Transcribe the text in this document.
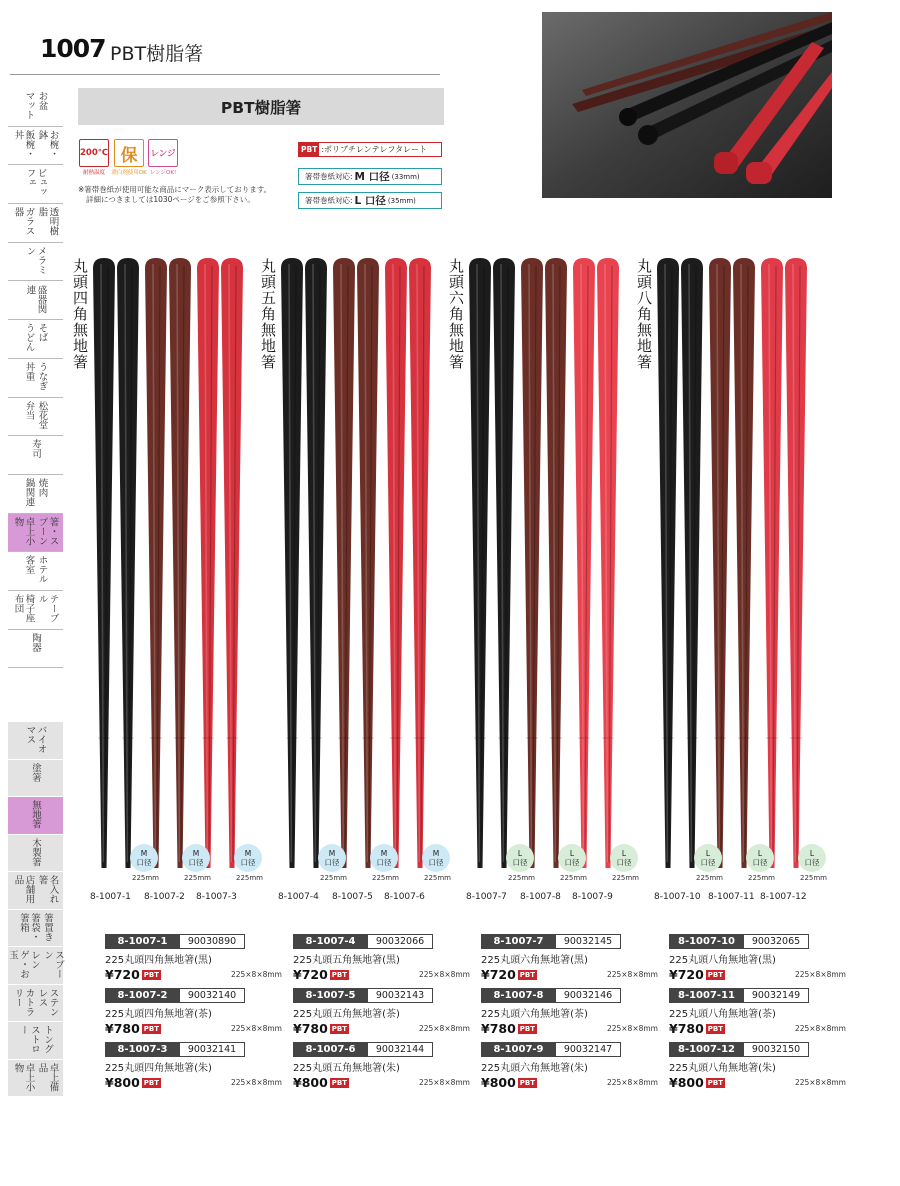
1007 PBT樹脂箸
お盆
マット
お椀・鉢
飯椀・丼
ビュッフェ
透明樹脂
ガラス器
メラミン
盛器関連
そば
うどん
うなぎ
丼重
松花堂
弁当
寿司
焼肉
鍋関連
箸・スプーン
卓上小物
ホテル
客室
テーブル
椅子座布団
陶器
バイオマス
塗箸
無地箸
木製箸
名入れ箸
店舗用品
箸置き
箸袋・箸箱
スプーン
レンゲ・お玉
ステンレス
カトラリー
トング
ストロー
卓上備品
卓上小物
PBT樹脂箸
200℃
耐熱温度
保
漂白剤使用OK
レンジ
レンジOK!
※箸帯巻紙が使用可能な商品にマーク表示しております。
詳細につきましては1030ページをご参照下さい。
PBT :ポリブチレンテレフタレート
箸帯巻紙対応: M 口径 (33mm)
箸帯巻紙対応: L 口径 (35mm)
丸頭四角無地箸	丸頭五角無地箸	丸頭六角無地箸	丸頭八角無地箸
M
口径
225mm
8-1007-1
M
口径
225mm
8-1007-2
M
口径
225mm
8-1007-3
M
口径
225mm
8-1007-4
M
口径
225mm
8-1007-5
M
口径
225mm
8-1007-6
L
口径
225mm
8-1007-7
L
口径
225mm
8-1007-8
L
口径
225mm
8-1007-9
L
口径
225mm
8-1007-10
L
口径
225mm
8-1007-11
L
口径
225mm
8-1007-12
8-1007-1	90030890
225丸頭四角無地箸(黒)
¥720 PBT	225×8×8mm
8-1007-2	90032140
225丸頭四角無地箸(茶)
¥780 PBT	225×8×8mm
8-1007-3	90032141
225丸頭四角無地箸(朱)
¥800 PBT	225×8×8mm
8-1007-4	90032066
225丸頭五角無地箸(黒)
¥720 PBT	225×8×8mm
8-1007-5	90032143
225丸頭五角無地箸(茶)
¥780 PBT	225×8×8mm
8-1007-6	90032144
225丸頭五角無地箸(朱)
¥800 PBT	225×8×8mm
8-1007-7	90032145
225丸頭六角無地箸(黒)
¥720 PBT	225×8×8mm
8-1007-8	90032146
225丸頭六角無地箸(茶)
¥780 PBT	225×8×8mm
8-1007-9	90032147
225丸頭六角無地箸(朱)
¥800 PBT	225×8×8mm
8-1007-10	90032065
225丸頭八角無地箸(黒)
¥720 PBT	225×8×8mm
8-1007-11	90032149
225丸頭八角無地箸(茶)
¥780 PBT	225×8×8mm
8-1007-12	90032150
225丸頭八角無地箸(朱)
¥800 PBT	225×8×8mm
